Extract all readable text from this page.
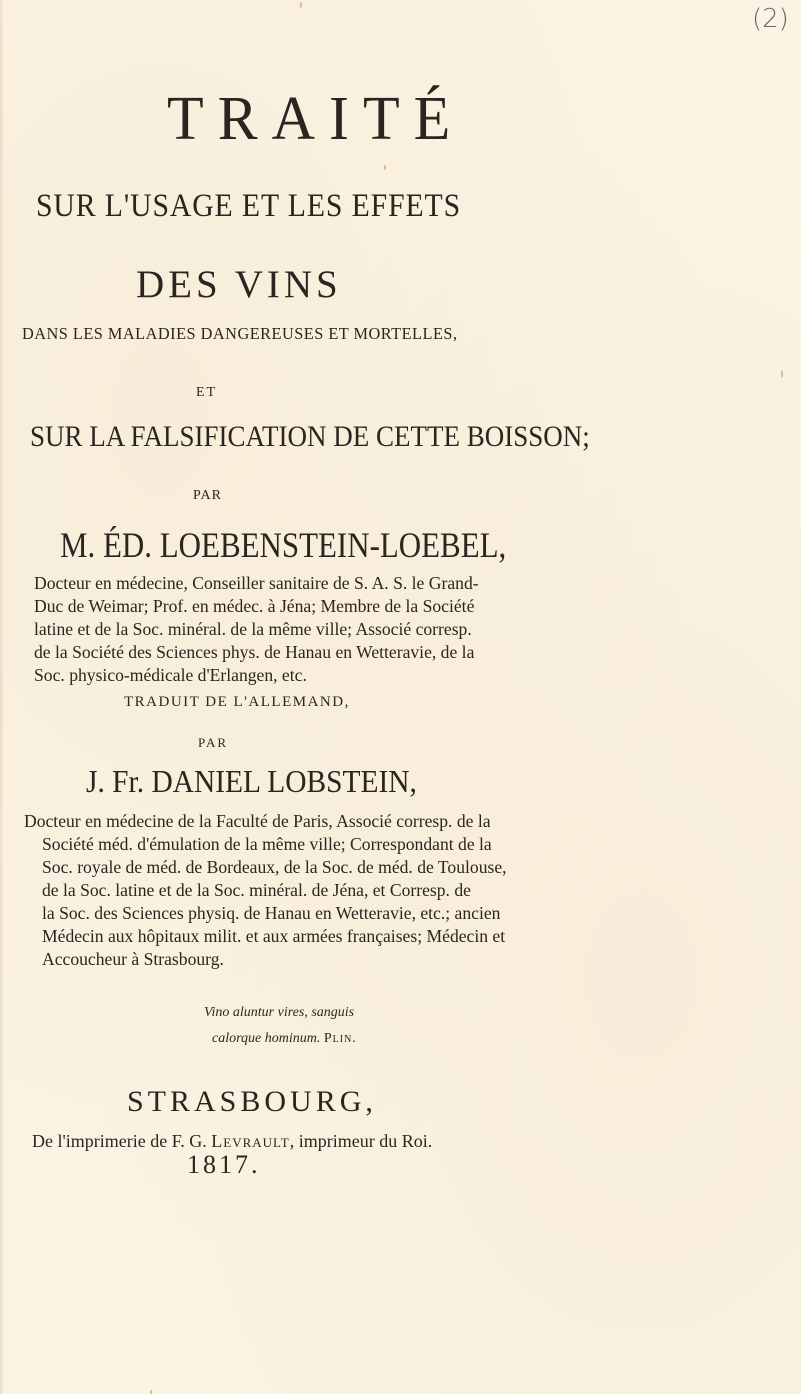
(2)
TRAITÉ
SUR L'USAGE ET LES EFFETS
DES VINS
DANS LES MALADIES DANGEREUSES ET MORTELLES,
ET
SUR LA FALSIFICATION DE CETTE BOISSON;
PAR
M. ÉD. LOEBENSTEIN-LOEBEL,
Docteur en médecine, Conseiller sanitaire de S. A. S. le Grand-
Duc de Weimar; Prof. en médec. à Jéna; Membre de la Société
latine et de la Soc. minéral. de la même ville; Associé corresp.
de la Société des Sciences phys. de Hanau en Wetteravie, de la
Soc. physico-médicale d'Erlangen, etc.
TRADUIT DE L'ALLEMAND,
PAR
J. Fr. DANIEL LOBSTEIN,
Docteur en médecine de la Faculté de Paris, Associé corresp. de la
Société méd. d'émulation de la même ville; Correspondant de la
Soc. royale de méd. de Bordeaux, de la Soc. de méd. de Toulouse,
de la Soc. latine et de la Soc. minéral. de Jéna, et Corresp. de
la Soc. des Sciences physiq. de Hanau en Wetteravie, etc.; ancien
Médecin aux hôpitaux milit. et aux armées françaises; Médecin et
Accoucheur à Strasbourg.
Vino aluntur vires, sanguis
calorque hominum. Plin.
STRASBOURG,
De l'imprimerie de F. G. Levrault, imprimeur du Roi.
1817.
